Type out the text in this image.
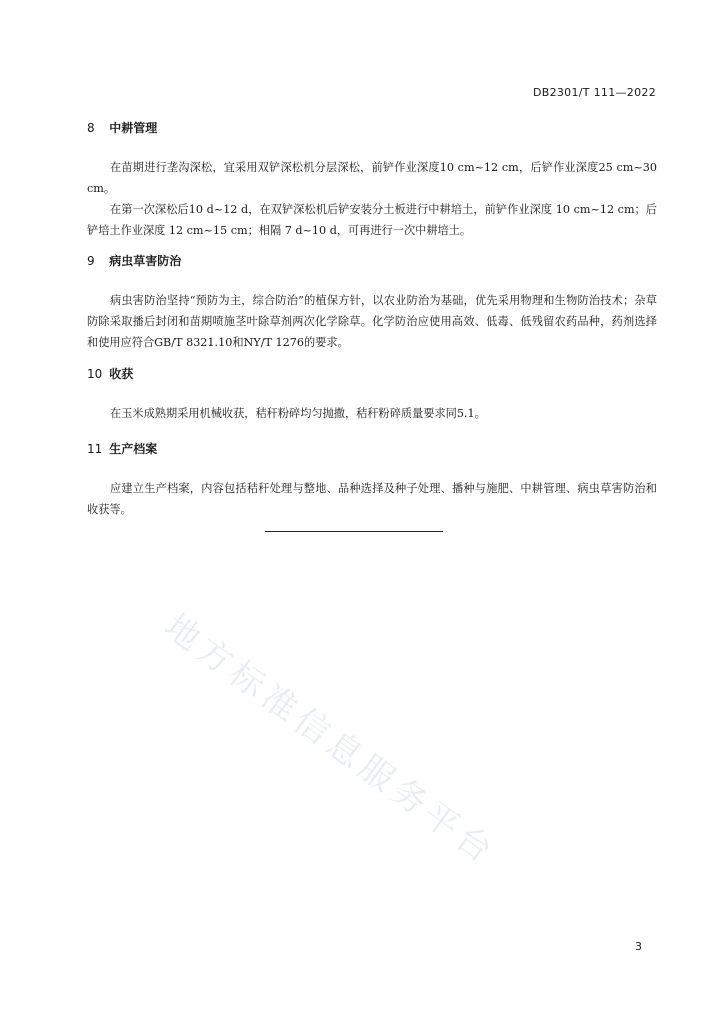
DB2301/T 111—2022
8 中耕管理

在苗期进行垄沟深松，宜采用双铲深松机分层深松，前铲作业深度10 cm~12 cm，后铲作业深度25 cm~30 cm。

在第一次深松后10 d~12 d，在双铲深松机后铲安装分土板进行中耕培土，前铲作业深度 10 cm~12 cm；后铲培土作业深度 12 cm~15 cm；相隔 7 d~10 d，可再进行一次中耕培土。

9 病虫草害防治

病虫害防治坚持“预防为主，综合防治”的植保方针，以农业防治为基础，优先采用物理和生物防治技术；杂草防除采取播后封闭和苗期喷施茎叶除草剂两次化学除草。化学防治应使用高效、低毒、低残留农药品种，药剂选择和使用应符合GB/T 8321.10和NY/T 1276的要求。

10 收获

在玉米成熟期采用机械收获，秸秆粉碎均匀抛撒，秸秆粉碎质量要求同5.1。

11 生产档案

应建立生产档案，内容包括秸秆处理与整地、品种选择及种子处理、播种与施肥、中耕管理、病虫草害防治和收获等。

地方标准信息服务平台
3
